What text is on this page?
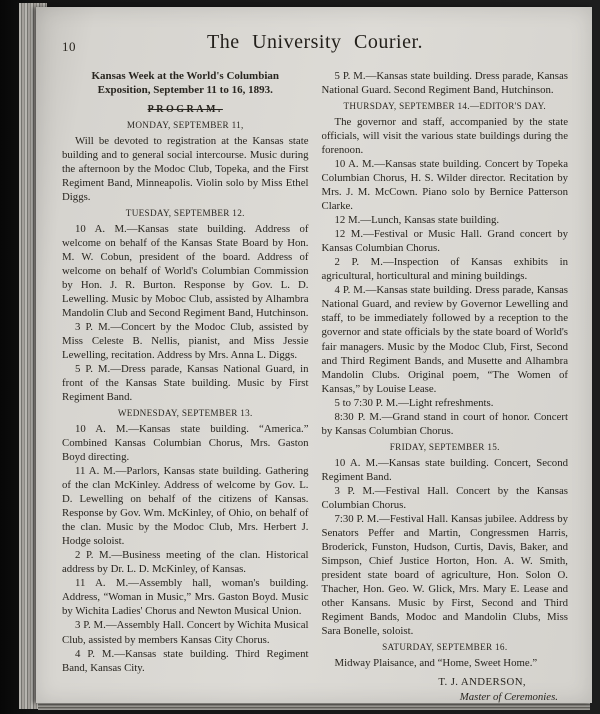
10	The University Courier.
Kansas Week at the World's Columbian Exposition, September 11 to 16, 1893.
PROGRAM.

MONDAY, SEPTEMBER 11,

Will be devoted to registration at the Kansas state building and to general social intercourse. Music during the afternoon by the Modoc Club, Topeka, and the First Regiment Band, Minneapolis. Violin solo by Miss Ethel Diggs.

TUESDAY, SEPTEMBER 12.

10 A. M.—Kansas state building. Address of welcome on behalf of the Kansas State Board by Hon. M. W. Cobun, president of the board. Address of welcome on behalf of World's Columbian Commission by Hon. J. R. Burton. Response by Gov. L. D. Lewelling. Music by Moboc Club, assisted by Alhambra Mandolin Club and Second Regiment Band, Hutchinson.

3 P. M.—Concert by the Modoc Club, assisted by Miss Celeste B. Nellis, pianist, and Miss Jessie Lewelling, recitation. Address by Mrs. Anna L. Diggs.

5 P. M.—Dress parade, Kansas National Guard, in front of the Kansas State building. Music by First Regiment Band.

WEDNESDAY, SEPTEMBER 13.

10 A. M.—Kansas state building. “America.” Combined Kansas Columbian Chorus, Mrs. Gaston Boyd directing.

11 A. M.—Parlors, Kansas state building. Gathering of the clan McKinley. Address of welcome by Gov. L. D. Lewelling on behalf of the citizens of Kansas. Response by Gov. Wm. McKinley, of Ohio, on behalf of the clan. Music by the Modoc Club, Mrs. Herbert J. Hodge soloist.

2 P. M.—Business meeting of the clan. Historical address by Dr. L. D. McKinley, of Kansas.

11 A. M.—Assembly hall, woman's building. Address, “Woman in Music,” Mrs. Gaston Boyd. Music by Wichita Ladies' Chorus and Newton Musical Union.

3 P. M.—Assembly Hall. Concert by Wichita Musical Club, assisted by members Kansas City Chorus.

4 P. M.—Kansas state building. Third Regiment Band, Kansas City.

5 P. M.—Kansas state building. Dress parade, Kansas National Guard. Second Regiment Band, Hutchinson.

THURSDAY, SEPTEMBER 14.—EDITOR'S DAY.

The governor and staff, accompanied by the state officials, will visit the various state buildings during the forenoon.

10 A. M.—Kansas state building. Concert by Topeka Columbian Chorus, H. S. Wilder director. Recitation by Mrs. J. M. McCown. Piano solo by Bernice Patterson Clarke.

12 M.—Lunch, Kansas state building.

12 M.—Festival or Music Hall. Grand concert by Kansas Columbian Chorus.

2 P. M.—Inspection of Kansas exhibits in agricultural, horticultural and mining buildings.

4 P. M.—Kansas state building. Dress parade, Kansas National Guard, and review by Governor Lewelling and staff, to be immediately followed by a reception to the governor and state officials by the state board of World's fair managers. Music by the Modoc Club, First, Second and Third Regiment Bands, and Musette and Alhambra Mandolin Clubs. Original poem, “The Women of Kansas,” by Louise Lease.

5 to 7:30 P. M.—Light refreshments.

8:30 P. M.—Grand stand in court of honor. Concert by Kansas Columbian Chorus.

FRIDAY, SEPTEMBER 15.

10 A. M.—Kansas state building. Concert, Second Regiment Band.

3 P. M.—Festival Hall. Concert by the Kansas Columbian Chorus.

7:30 P. M.—Festival Hall. Kansas jubilee. Address by Senators Peffer and Martin, Congressmen Harris, Broderick, Funston, Hudson, Curtis, Davis, Baker, and Simpson, Chief Justice Horton, Hon. A. W. Smith, president state board of agriculture, Hon. Solon O. Thacher, Hon. Geo. W. Glick, Mrs. Mary E. Lease and other Kansans. Music by First, Second and Third Regiment Bands, Modoc and Mandolin Clubs, Miss Sara Bonelle, soloist.

SATURDAY, SEPTEMBER 16.

Midway Plaisance, and “Home, Sweet Home.”

T. J. ANDERSON,

Master of Ceremonies.
